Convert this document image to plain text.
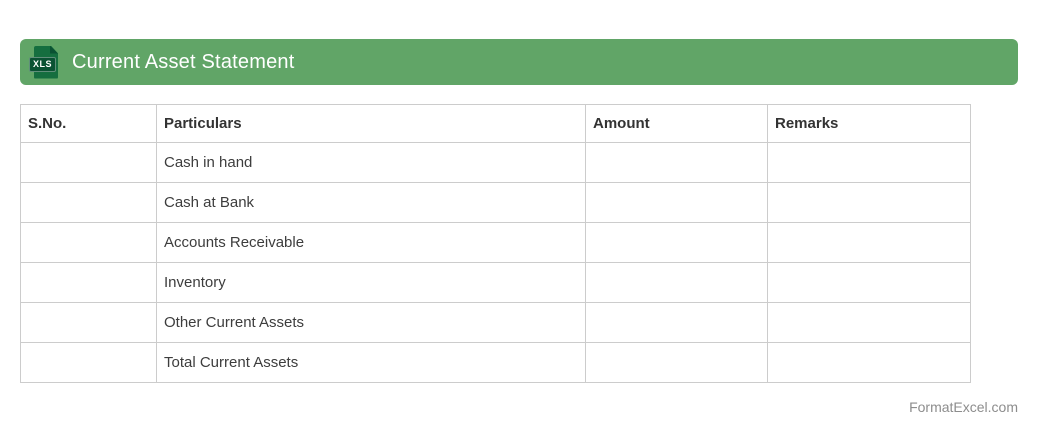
XLS Current Asset Statement
S.No.	Particulars	Amount	Remarks
	Cash in hand		
	Cash at Bank		
	Accounts Receivable		
	Inventory		
	Other Current Assets		
	Total Current Assets		
FormatExcel.com
